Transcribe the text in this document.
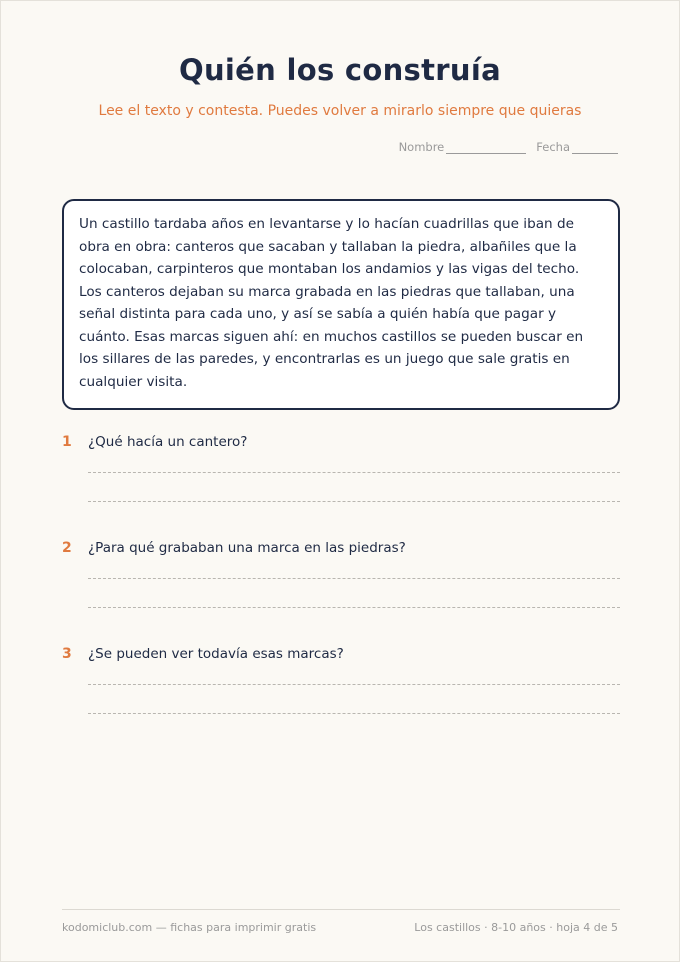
Quién los construía
Lee el texto y contesta. Puedes volver a mirarlo siempre que quieras
Nombre	Fecha
Un castillo tardaba años en levantarse y lo hacían cuadrillas que iban de obra en obra: canteros que sacaban y tallaban la piedra, albañiles que la colocaban, carpinteros que montaban los andamios y las vigas del techo. Los canteros dejaban su marca grabada en las piedras que tallaban, una señal distinta para cada uno, y así se sabía a quién había que pagar y cuánto. Esas marcas siguen ahí: en muchos castillos se pueden buscar en los sillares de las paredes, y encontrarlas es un juego que sale gratis en cualquier visita.
1	¿Qué hacía un cantero?
2	¿Para qué grababan una marca en las piedras?
3	¿Se pueden ver todavía esas marcas?
kodomiclub.com — fichas para imprimir gratis	Los castillos · 8-10 años · hoja 4 de 5
